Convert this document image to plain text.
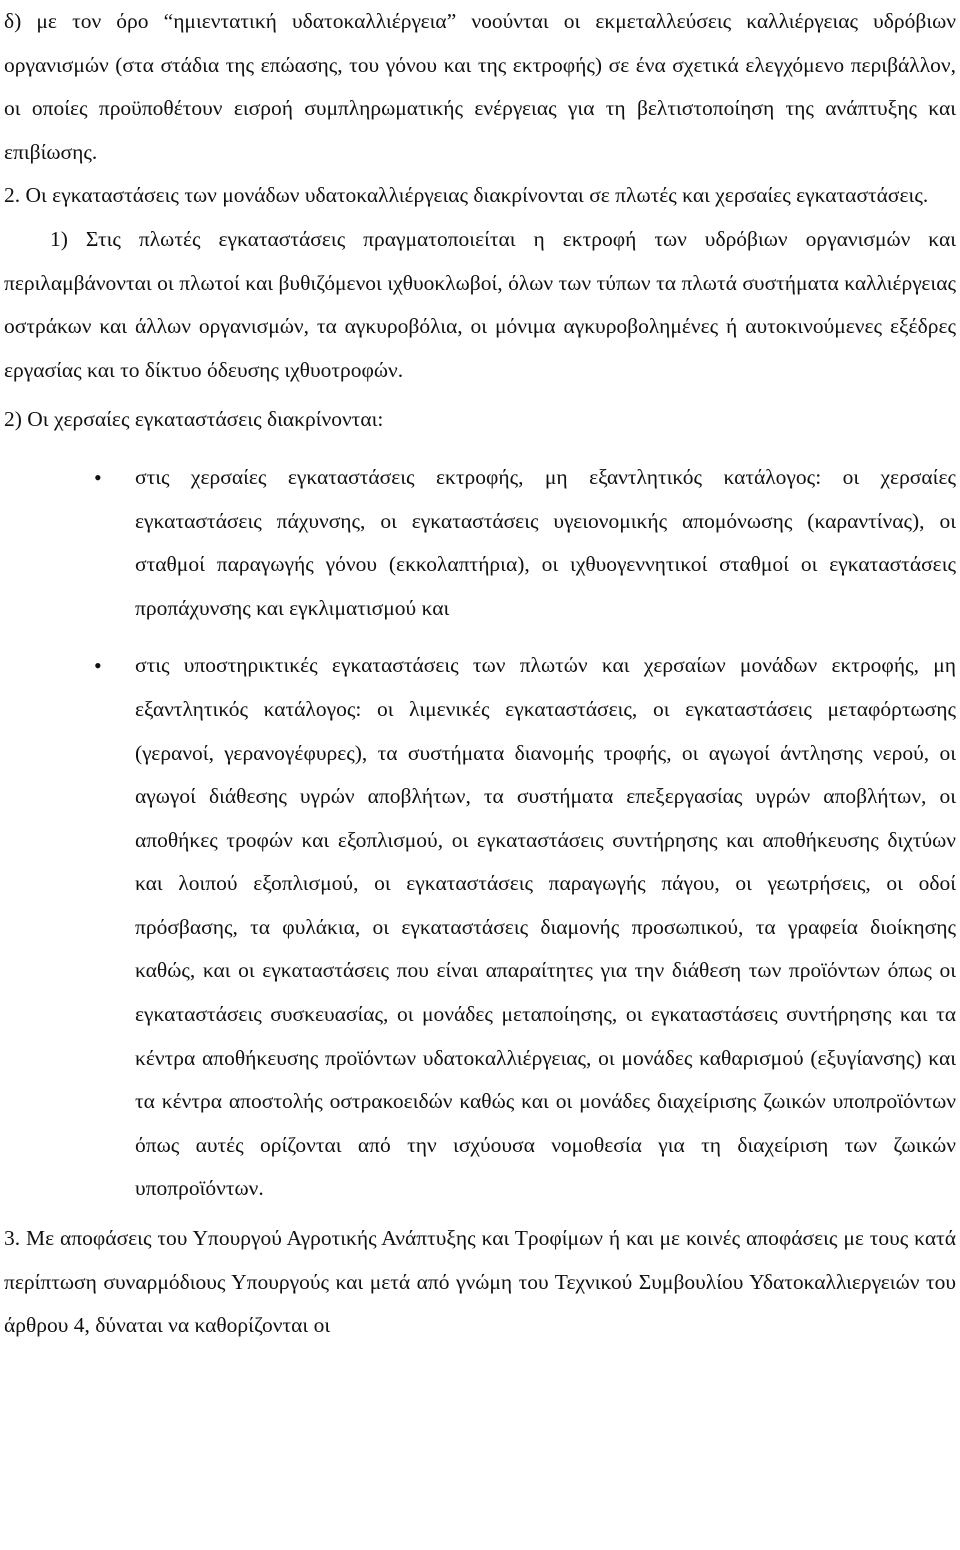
δ) με τον όρο “ημιεντατική υδατοκαλλιέργεια” νοούνται οι εκμεταλλεύσεις καλλιέργειας υδρόβιων οργανισμών (στα στάδια της επώασης, του γόνου και της εκτροφής) σε ένα σχετικά ελεγχόμενο περιβάλλον, οι οποίες προϋποθέτουν εισροή συμπληρωματικής ενέργειας για τη βελτιστοποίηση της ανάπτυξης και επιβίωσης.

2. Οι εγκαταστάσεις των μονάδων υδατοκαλλιέργειας διακρίνονται σε πλωτές και χερσαίες εγκαταστάσεις.

1) Στις πλωτές εγκαταστάσεις πραγματοποιείται η εκτροφή των υδρόβιων οργανισμών και περιλαμβάνονται οι πλωτοί και βυθιζόμενοι ιχθυοκλωβοί, όλων των τύπων τα πλωτά συστήματα καλλιέργειας οστράκων και άλλων οργανισμών, τα αγκυροβόλια, οι μόνιμα αγκυροβολημένες ή αυτοκινούμενες εξέδρες εργασίας και το δίκτυο όδευσης ιχθυοτροφών.

2) Οι χερσαίες εγκαταστάσεις διακρίνονται:

•	στις χερσαίες εγκαταστάσεις εκτροφής, μη εξαντλητικός κατάλογος: οι χερσαίες εγκαταστάσεις πάχυνσης, οι εγκαταστάσεις υγειονομικής απομόνωσης (καραντίνας), οι σταθμοί παραγωγής γόνου (εκκολαπτήρια), οι ιχθυογεννητικοί σταθμοί οι εγκαταστάσεις προπάχυνσης και εγκλιματισμού και
•	στις υποστηρικτικές εγκαταστάσεις των πλωτών και χερσαίων μονάδων εκτροφής, μη εξαντλητικός κατάλογος: οι λιμενικές εγκαταστάσεις, οι εγκαταστάσεις μεταφόρτωσης (γερανοί, γερανογέφυρες), τα συστήματα διανομής τροφής, οι αγωγοί άντλησης νερού, οι αγωγοί διάθεσης υγρών αποβλήτων, τα συστήματα επεξεργασίας υγρών αποβλήτων, οι αποθήκες τροφών και εξοπλισμού, οι εγκαταστάσεις συντήρησης και αποθήκευσης διχτύων και λοιπού εξοπλισμού, οι εγκαταστάσεις παραγωγής πάγου, οι γεωτρήσεις, οι οδοί πρόσβασης, τα φυλάκια, οι εγκαταστάσεις διαμονής προσωπικού, τα γραφεία διοίκησης καθώς, και οι εγκαταστάσεις που είναι απαραίτητες για την διάθεση των προϊόντων όπως οι εγκαταστάσεις συσκευασίας, οι μονάδες μεταποίησης, οι εγκαταστάσεις συντήρησης και τα κέντρα αποθήκευσης προϊόντων υδατοκαλλιέργειας, οι μονάδες καθαρισμού (εξυγίανσης) και τα κέντρα αποστολής οστρακοειδών καθώς και οι μονάδες διαχείρισης ζωικών υποπροϊόντων όπως αυτές ορίζονται από την ισχύουσα νομοθεσία για τη διαχείριση των ζωικών υποπροϊόντων.

3. Με αποφάσεις του Υπουργού Αγροτικής Ανάπτυξης και Τροφίμων ή και με κοινές αποφάσεις με τους κατά περίπτωση συναρμόδιους Υπουργούς και μετά από γνώμη του Τεχνικού Συμβουλίου Υδατοκαλλιεργειών του άρθρου 4, δύναται να καθορίζονται οι
